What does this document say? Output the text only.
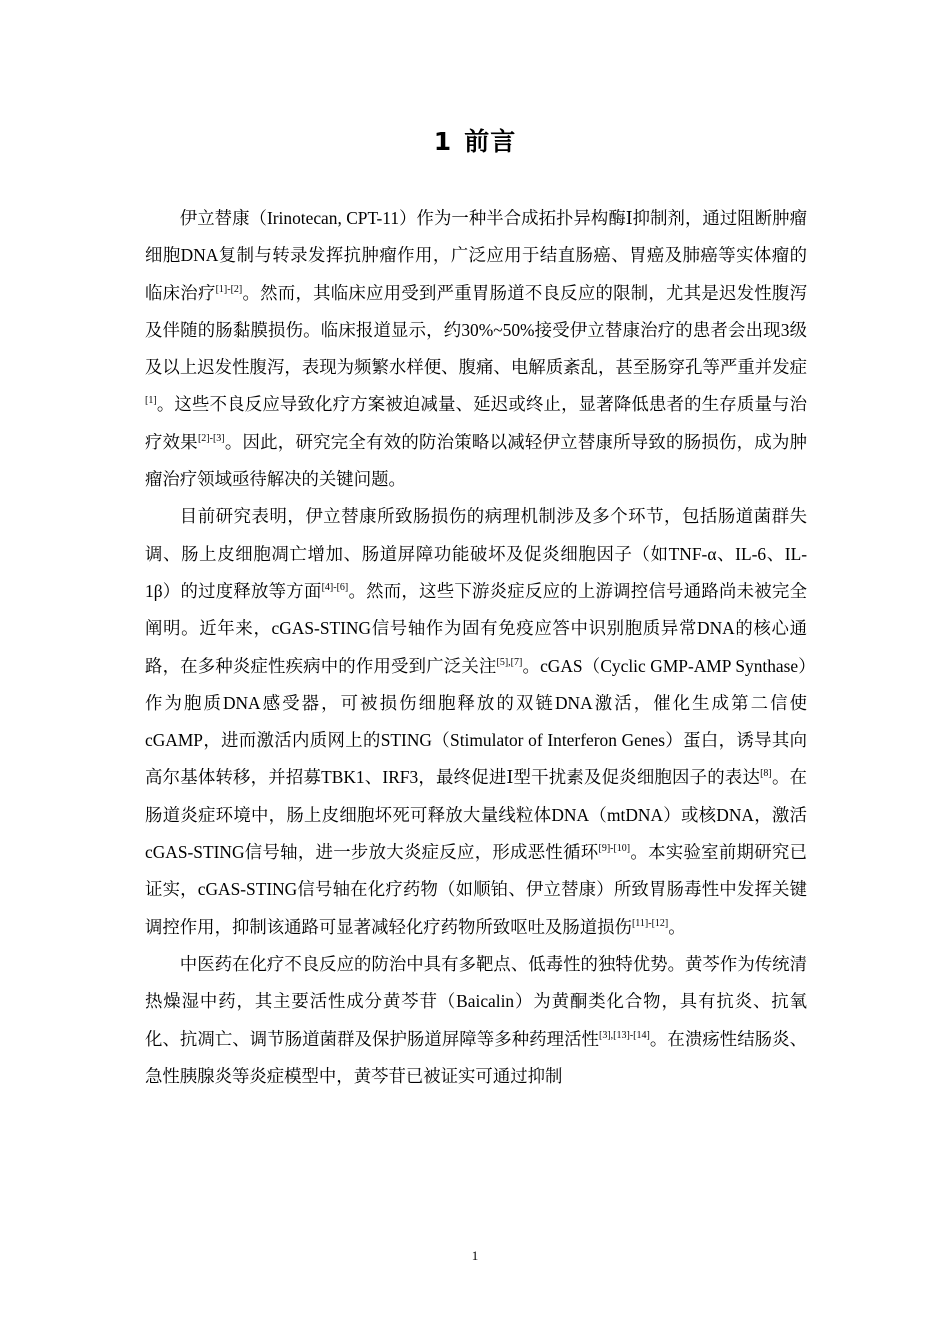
1 前言

伊立替康（Irinotecan, CPT-11）作为一种半合成拓扑异构酶Ⅰ抑制剂，通过阻断肿瘤细胞DNA复制与转录发挥抗肿瘤作用，广泛应用于结直肠癌、胃癌及肺癌等实体瘤的临床治疗[1]-[2]。然而，其临床应用受到严重胃肠道不良反应的限制，尤其是迟发性腹泻及伴随的肠黏膜损伤。临床报道显示，约30%~50%接受伊立替康治疗的患者会出现3级及以上迟发性腹泻，表现为频繁水样便、腹痛、电解质紊乱，甚至肠穿孔等严重并发症[1]。这些不良反应导致化疗方案被迫减量、延迟或终止，显著降低患者的生存质量与治疗效果[2]-[3]。因此，研究完全有效的防治策略以减轻伊立替康所导致的肠损伤，成为肿瘤治疗领域亟待解决的关键问题。

目前研究表明，伊立替康所致肠损伤的病理机制涉及多个环节，包括肠道菌群失调、肠上皮细胞凋亡增加、肠道屏障功能破坏及促炎细胞因子（如TNF-α、IL-6、IL-1β）的过度释放等方面[4]-[6]。然而，这些下游炎症反应的上游调控信号通路尚未被完全阐明。近年来，cGAS-STING信号轴作为固有免疫应答中识别胞质异常DNA的核心通路，在多种炎症性疾病中的作用受到广泛关注[5],[7]。cGAS（Cyclic GMP-AMP Synthase）作为胞质DNA感受器，可被损伤细胞释放的双链DNA激活，催化生成第二信使cGAMP，进而激活内质网上的STING（Stimulator of Interferon Genes）蛋白，诱导其向高尔基体转移，并招募TBK1、IRF3，最终促进Ⅰ型干扰素及促炎细胞因子的表达[8]。在肠道炎症环境中，肠上皮细胞坏死可释放大量线粒体DNA（mtDNA）或核DNA，激活cGAS-STING信号轴，进一步放大炎症反应，形成恶性循环[9]-[10]。本实验室前期研究已证实，cGAS-STING信号轴在化疗药物（如顺铂、伊立替康）所致胃肠毒性中发挥关键调控作用，抑制该通路可显著减轻化疗药物所致呕吐及肠道损伤[11]-[12]。

中医药在化疗不良反应的防治中具有多靶点、低毒性的独特优势。黄芩作为传统清热燥湿中药，其主要活性成分黄芩苷（Baicalin）为黄酮类化合物，具有抗炎、抗氧化、抗凋亡、调节肠道菌群及保护肠道屏障等多种药理活性[3],[13]-[14]。在溃疡性结肠炎、急性胰腺炎等炎症模型中，黄芩苷已被证实可通过抑制

1
